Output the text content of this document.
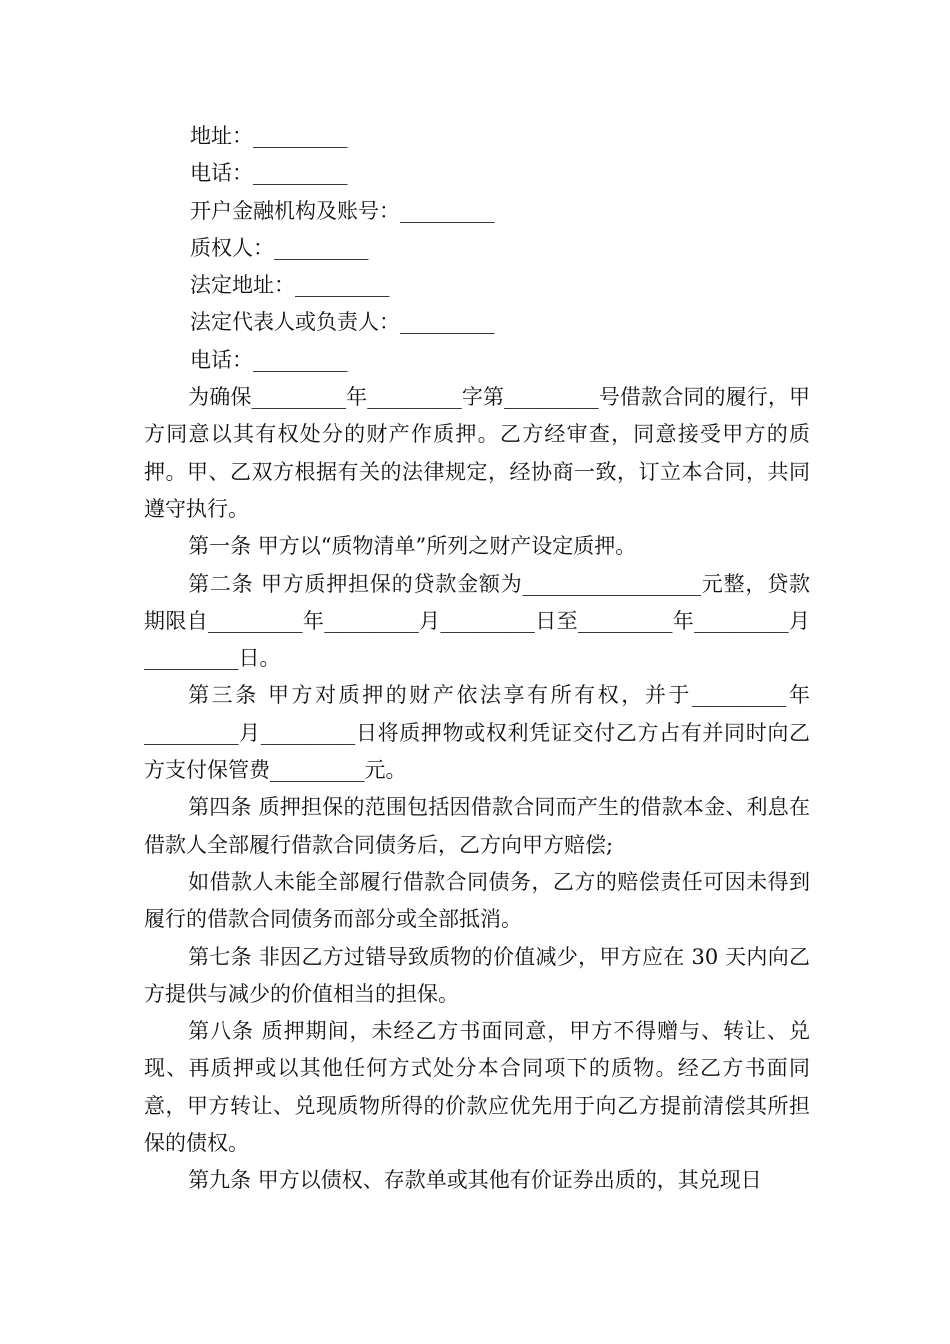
地址：_________

电话：_________

开户金融机构及账号：_________

质权人：_________

法定地址：_________

法定代表人或负责人：_________

电话：_________

为确保_________年_________字第_________号借款合同的履行，甲方同意以其有权处分的财产作质押。乙方经审查，同意接受甲方的质押。甲、乙双方根据有关的法律规定，经协商一致，订立本合同，共同遵守执行。

第一条 甲方以“质物清单”所列之财产设定质押。

第二条 甲方质押担保的贷款金额为_________________元整，贷款期限自_________年_________月_________日至_________年_________月_________日。

第三条 甲方对质押的财产依法享有所有权，并于_________年_________月_________日将质押物或权利凭证交付乙方占有并同时向乙方支付保管费_________元。

第四条 质押担保的范围包括因借款合同而产生的借款本金、利息在借款人全部履行借款合同债务后，乙方向甲方赔偿;

如借款人未能全部履行借款合同债务，乙方的赔偿责任可因未得到履行的借款合同债务而部分或全部抵消。

第七条 非因乙方过错导致质物的价值减少，甲方应在 30 天内向乙方提供与减少的价值相当的担保。

第八条 质押期间，未经乙方书面同意，甲方不得赠与、转让、兑现、再质押或以其他任何方式处分本合同项下的质物。经乙方书面同意，甲方转让、兑现质物所得的价款应优先用于向乙方提前清偿其所担保的债权。

第九条 甲方以债权、存款单或其他有价证券出质的，其兑现日
